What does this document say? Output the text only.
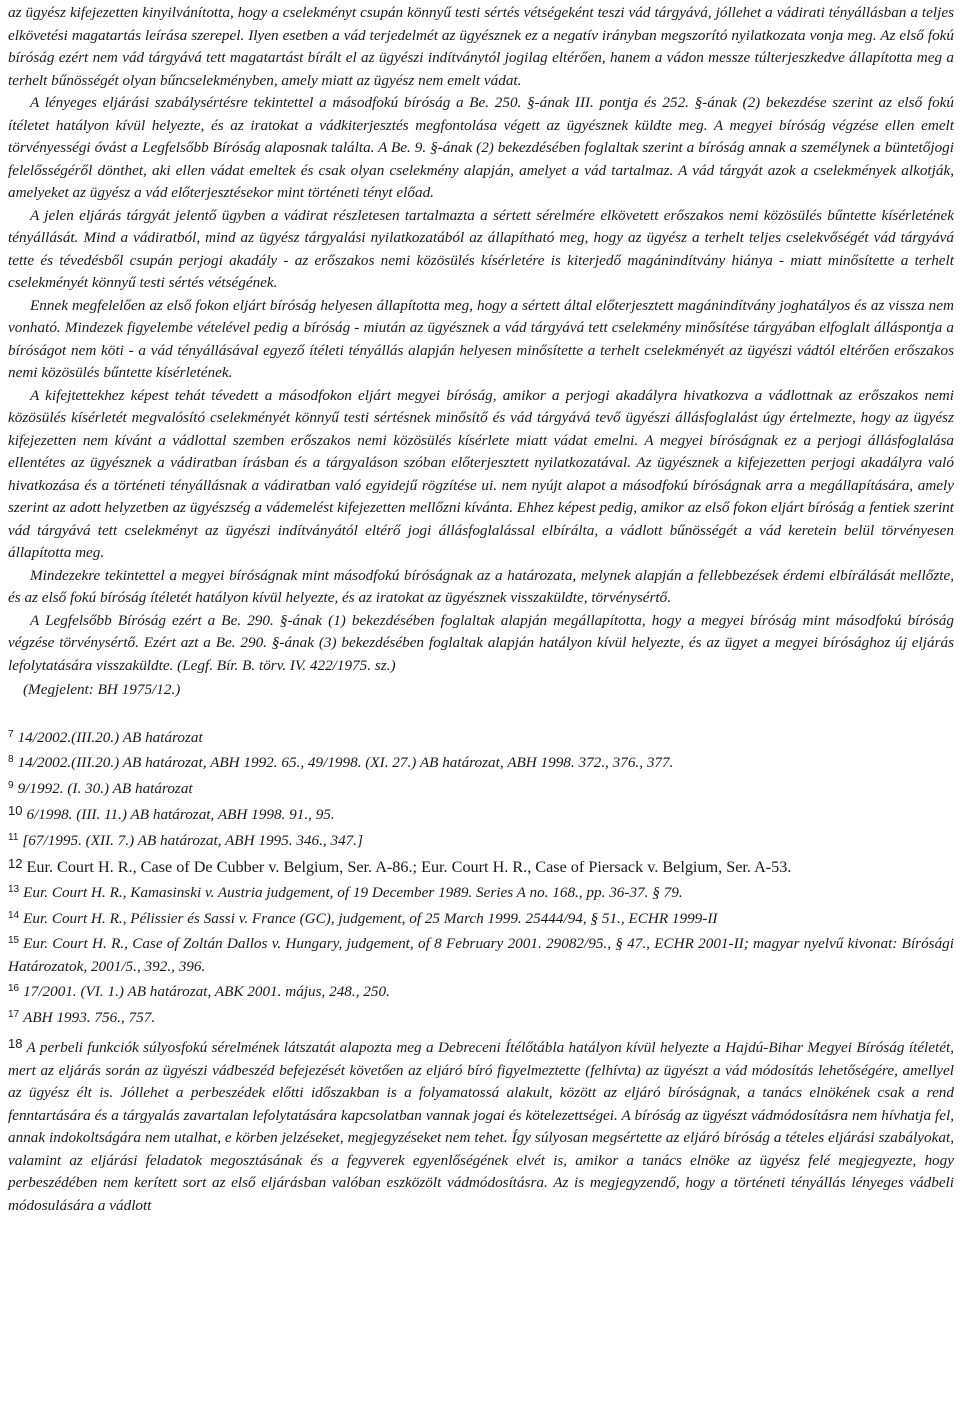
az ügyész kifejezetten kinyilvánította, hogy a cselekményt csupán könnyű testi sértés vétségeként teszi vád tárgyává, jóllehet a vádirati tényállásban a teljes elkövetési magatartás leírása szerepel. Ilyen esetben a vád terjedelmét az ügyésznek ez a negatív irányban megszorító nyilatkozata vonja meg. Az első fokú bíróság ezért nem vád tárgyává tett magatartást bírált el az ügyészi indítványtól jogilag eltérően, hanem a vádon messze túlterjeszkedve állapította meg a terhelt bűnösségét olyan bűncselekményben, amely miatt az ügyész nem emelt vádat.

A lényeges eljárási szabálysértésre tekintettel a másodfokú bíróság a Be. 250. §-ának III. pontja és 252. §-ának (2) bekezdése szerint az első fokú ítéletet hatályon kívül helyezte, és az iratokat a vádkiterjesztés megfontolása végett az ügyésznek küldte meg. A megyei bíróság végzése ellen emelt törvényességi óvást a Legfelsőbb Bíróság alaposnak találta. A Be. 9. §-ának (2) bekezdésében foglaltak szerint a bíróság annak a személynek a büntetőjogi felelősségéről dönthet, aki ellen vádat emeltek és csak olyan cselekmény alapján, amelyet a vád tartalmaz. A vád tárgyát azok a cselekmények alkotják, amelyeket az ügyész a vád előterjesztésekor mint történeti tényt előad.

A jelen eljárás tárgyát jelentő ügyben a vádirat részletesen tartalmazta a sértett sérelmére elkövetett erőszakos nemi közösülés bűntette kísérletének tényállását. Mind a vádiratból, mind az ügyész tárgyalási nyilatkozatából az állapítható meg, hogy az ügyész a terhelt teljes cselekvőségét vád tárgyává tette és tévedésből csupán perjogi akadály - az erőszakos nemi közösülés kísérletére is kiterjedő magánindítvány hiánya - miatt minősítette a terhelt cselekményét könnyű testi sértés vétségének.

Ennek megfelelően az első fokon eljárt bíróság helyesen állapította meg, hogy a sértett által előterjesztett magánindítvány joghatályos és az vissza nem vonható. Mindezek figyelembe vételével pedig a bíróság - miután az ügyésznek a vád tárgyává tett cselekmény minősítése tárgyában elfoglalt álláspontja a bíróságot nem köti - a vád tényállásával egyező ítéleti tényállás alapján helyesen minősítette a terhelt cselekményét az ügyészi vádtól eltérően erőszakos nemi közösülés bűntette kísérletének.

A kifejtettekhez képest tehát tévedett a másodfokon eljárt megyei bíróság, amikor a perjogi akadályra hivatkozva a vádlottnak az erőszakos nemi közösülés kísérletét megvalósító cselekményét könnyű testi sértésnek minősítő és vád tárgyává tevő ügyészi állásfoglalást úgy értelmezte, hogy az ügyész kifejezetten nem kívánt a vádlottal szemben erőszakos nemi közösülés kísérlete miatt vádat emelni. A megyei bíróságnak ez a perjogi állásfoglalása ellentétes az ügyésznek a vádiratban írásban és a tárgyaláson szóban előterjesztett nyilatkozatával. Az ügyésznek a kifejezetten perjogi akadályra való hivatkozása és a történeti tényállásnak a vádiratban való egyidejű rögzítése ui. nem nyújt alapot a másodfokú bíróságnak arra a megállapítására, amely szerint az adott helyzetben az ügyészség a vádemelést kifejezetten mellőzni kívánta. Ehhez képest pedig, amikor az első fokon eljárt bíróság a fentiek szerint vád tárgyává tett cselekményt az ügyészi indítványától eltérő jogi állásfoglalással elbírálta, a vádlott bűnösségét a vád keretein belül törvényesen állapította meg.

Mindezekre tekintettel a megyei bíróságnak mint másodfokú bíróságnak az a határozata, melynek alapján a fellebbezések érdemi elbírálását mellőzte, és az első fokú bíróság ítéletét hatályon kívül helyezte, és az iratokat az ügyésznek visszaküldte, törvénysértő.

A Legfelsőbb Bíróság ezért a Be. 290. §-ának (1) bekezdésében foglaltak alapján megállapította, hogy a megyei bíróság mint másodfokú bíróság végzése törvénysértő. Ezért azt a Be. 290. §-ának (3) bekezdésében foglaltak alapján hatályon kívül helyezte, és az ügyet a megyei bírósághoz új eljárás lefolytatására visszaküldte. (Legf. Bír. B. törv. IV. 422/1975. sz.)

(Megjelent: BH 1975/12.)

$^7$ 14/2002.(III.20.) AB határozat

$^8$ 14/2002.(III.20.) AB határozat, ABH 1992. 65., 49/1998. (XI. 27.) AB határozat, ABH 1998. 372., 376., 377.

$^9$ 9/1992. (I. 30.) AB határozat

10 6/1998. (III. 11.) AB határozat, ABH 1998. 91., 95.

$^{11}$ [67/1995. (XII. 7.) AB határozat, ABH 1995. 346., 347.]

$^{12}$ Eur. Court H. R., Case of De Cubber v. Belgium, Ser. A-86.; Eur. Court H. R., Case of Piersack v. Belgium, Ser. A-53.

$^{13}$ Eur. Court H. R., Kamasinski v. Austria judgement, of 19 December 1989. Series A no. 168., pp. 36-37. § 79.

$^{14}$ Eur. Court H. R., Pélissier és Sassi v. France (GC), judgement, of 25 March 1999. 25444/94, § 51., ECHR 1999-II

$^{15}$ Eur. Court H. R., Case of Zoltán Dallos v. Hungary, judgement, of 8 February 2001. 29082/95., § 47., ECHR 2001-II; magyar nyelvű kivonat: Bírósági Határozatok, 2001/5., 392., 396.

$^{16}$ 17/2001. (VI. 1.) AB határozat, ABK 2001. május, 248., 250.

$^{17}$ ABH 1993. 756., 757.

18 A perbeli funkciók súlyosfokú sérelmének látszatát alapozta meg a Debreceni Ítélőtábla hatályon kívül helyezte a Hajdú-Bihar Megyei Bíróság ítéletét, mert az eljárás során az ügyészi vádbeszéd befejezését követően az eljáró bíró figyelmeztette (felhívta) az ügyészt a vád módosítás lehetőségére, amellyel az ügyész élt is. Jóllehet a perbeszédek előtti időszakban is a folyamatossá alakult, között az eljáró bíróságnak, a tanács elnökének csak a rend fenntartására és a tárgyalás zavartalan lefolytatására kapcsolatban vannak jogai és kötelezettségei. A bíróság az ügyészt vádmódosításra nem hívhatja fel, annak indokoltságára nem utalhat, e körben jelzéseket, megjegyzéseket nem tehet. Így súlyosan megsértette az eljáró bíróság a tételes eljárási szabályokat, valamint az eljárási feladatok megosztásának és a fegyverek egyenlőségének elvét is, amikor a tanács elnöke az ügyész felé megjegyezte, hogy perbeszédében nem kerített sort az első eljárásban valóban eszközölt vádmódosításra. Az is megjegyzendő, hogy a történeti tényállás lényeges vádbeli módosulására a vádlott
